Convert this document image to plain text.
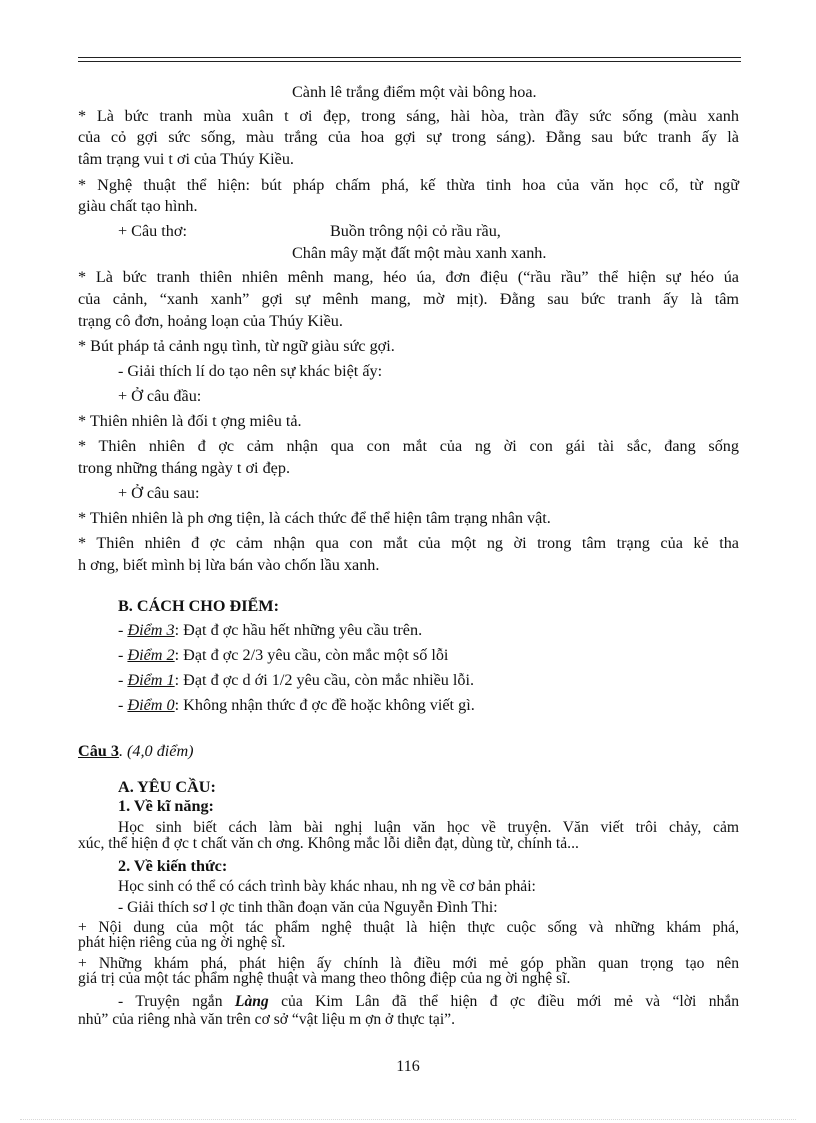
Cành lê trắng điểm một vài bông hoa.
* Là bức tranh mùa xuân t ơi đẹp, trong sáng, hài hòa, tràn đầy sức sống (màu xanh
của cỏ gợi sức sống, màu trắng của hoa gợi sự trong sáng). Đằng sau bức tranh ấy là
tâm trạng vui t ơi của Thúy Kiều.
* Nghệ thuật thể hiện: bút pháp chấm phá, kế thừa tinh hoa của văn học cổ, từ ngữ
giàu chất tạo hình.
+ Câu thơ:	Buồn trông nội cỏ rầu rầu,
Chân mây mặt đất một màu xanh xanh.
* Là bức tranh thiên nhiên mênh mang, héo úa, đơn điệu (“rầu rầu” thể hiện sự héo úa
của cảnh, “xanh xanh” gợi sự mênh mang, mờ mịt). Đằng sau bức tranh ấy là tâm
trạng cô đơn, hoảng loạn của Thúy Kiều.
* Bút pháp tả cảnh ngụ tình, từ ngữ giàu sức gợi.
- Giải thích lí do tạo nên sự khác biệt ấy:
+ Ở câu đầu:
* Thiên nhiên là đối t ợng miêu tả.
* Thiên nhiên đ ợc cảm nhận qua con mắt của ng ời con gái tài sắc, đang sống
trong những tháng ngày t ơi đẹp.
+ Ở câu sau:
* Thiên nhiên là ph ơng tiện, là cách thức để thể hiện tâm trạng nhân vật.
* Thiên nhiên đ ợc cảm nhận qua con mắt của một ng ời trong tâm trạng của kẻ tha
h ơng, biết mình bị lừa bán vào chốn lầu xanh.
B. CÁCH CHO ĐIỂM:
- Điểm 3: Đạt đ ợc hầu hết những yêu cầu trên.
- Điểm 2: Đạt đ ợc 2/3 yêu cầu, còn mắc một số lỗi
- Điểm 1: Đạt đ ợc d ới 1/2 yêu cầu, còn mắc nhiều lỗi.
- Điểm 0: Không nhận thức đ ợc đề hoặc không viết gì.
Câu 3. (4,0 điểm)
A. YÊU CẦU:
1. Về kĩ năng:
Học sinh biết cách làm bài nghị luận văn học về truyện. Văn viết trôi chảy, cảm
xúc, thể hiện đ ợc t chất văn ch ơng. Không mắc lỗi diễn đạt, dùng từ, chính tả...
2. Về kiến thức:
Học sinh có thể có cách trình bày khác nhau, nh ng về cơ bản phải:
- Giải thích sơ l ợc tinh thần đoạn văn của Nguyễn Đình Thi:
+ Nội dung của một tác phẩm nghệ thuật là hiện thực cuộc sống và những khám phá,
phát hiện riêng của ng ời nghệ sĩ.
+ Những khám phá, phát hiện ấy chính là điều mới mẻ góp phần quan trọng tạo nên
giá trị của một tác phẩm nghệ thuật và mang theo thông điệp của ng ời nghệ sĩ.
- Truyện ngắn Làng của Kim Lân đã thể hiện đ ợc điều mới mẻ và “lời nhắn
nhủ” của riêng nhà văn trên cơ sở “vật liệu m ợn ở thực tại”.
116
